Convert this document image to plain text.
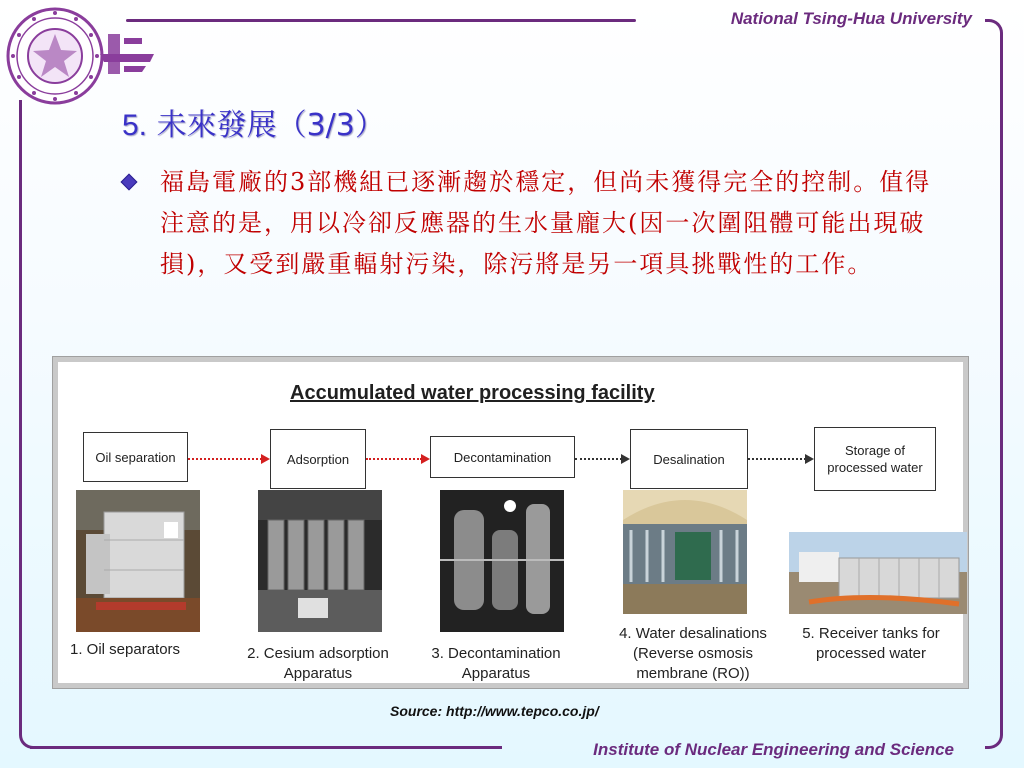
National Tsing-Hua University
Institute of Nuclear Engineering and Science
5. 未來發展（3/3）
福島電廠的3部機組已逐漸趨於穩定，但尚未獲得完全的控制。值得注意的是，用以冷卻反應器的生水量龐大(因一次圍阻體可能出現破損)，又受到嚴重輻射污染，除污將是另一項具挑戰性的工作。
Accumulated water processing facility
Oil separation	Adsorption	Decontamination	Desalination
Storage of processed water
1. Oil separators	2. Cesium adsorption Apparatus
3. Decontamination Apparatus
4. Water desalinations (Reverse osmosis membrane (RO))
5. Receiver tanks for processed water
Source: http://www.tepco.co.jp/
